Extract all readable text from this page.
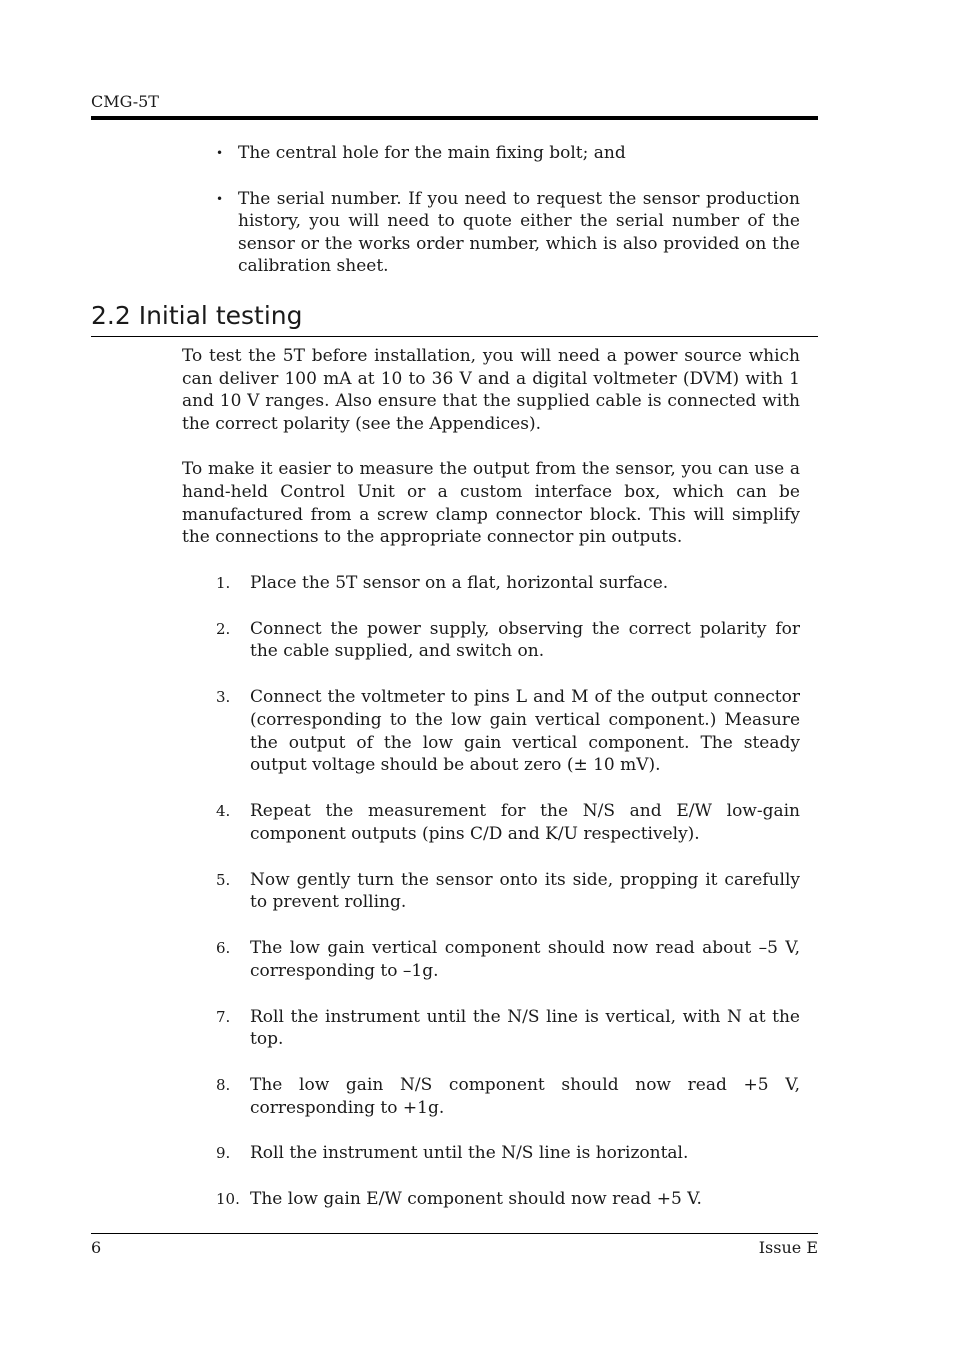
CMG-5T
• The central hole for the main fixing bolt; and
• The serial number. If you need to request the sensor production history, you will need to quote either the serial number of the sensor or the works order number, which is also provided on the calibration sheet.
2.2 Initial testing

To test the 5T before installation, you will need a power source which can deliver 100 mA at 10 to 36 V and a digital voltmeter (DVM) with 1 and 10 V ranges. Also ensure that the supplied cable is connected with the correct polarity (see the Appendices).

To make it easier to measure the output from the sensor, you can use a hand-held Control Unit or a custom interface box, which can be manufactured from a screw clamp connector block. This will simplify the connections to the appropriate connector pin outputs.

1. Place the 5T sensor on a flat, horizontal surface.
2. Connect the power supply, observing the correct polarity for the cable supplied, and switch on.
3. Connect the voltmeter to pins L and M of the output connector (corresponding to the low gain vertical component.) Measure the output of the low gain vertical component. The steady output voltage should be about zero (± 10 mV).
4. Repeat the measurement for the N/S and E/W low-gain component outputs (pins C/D and K/U respectively).
5. Now gently turn the sensor onto its side, propping it carefully to prevent rolling.
6. The low gain vertical component should now read about –5 V, corresponding to –1g.
7. Roll the instrument until the N/S line is vertical, with N at the top.
8. The low gain N/S component should now read +5 V, corresponding to +1g.
9. Roll the instrument until the N/S line is horizontal.
10. The low gain E/W component should now read +5 V.
6	Issue E
